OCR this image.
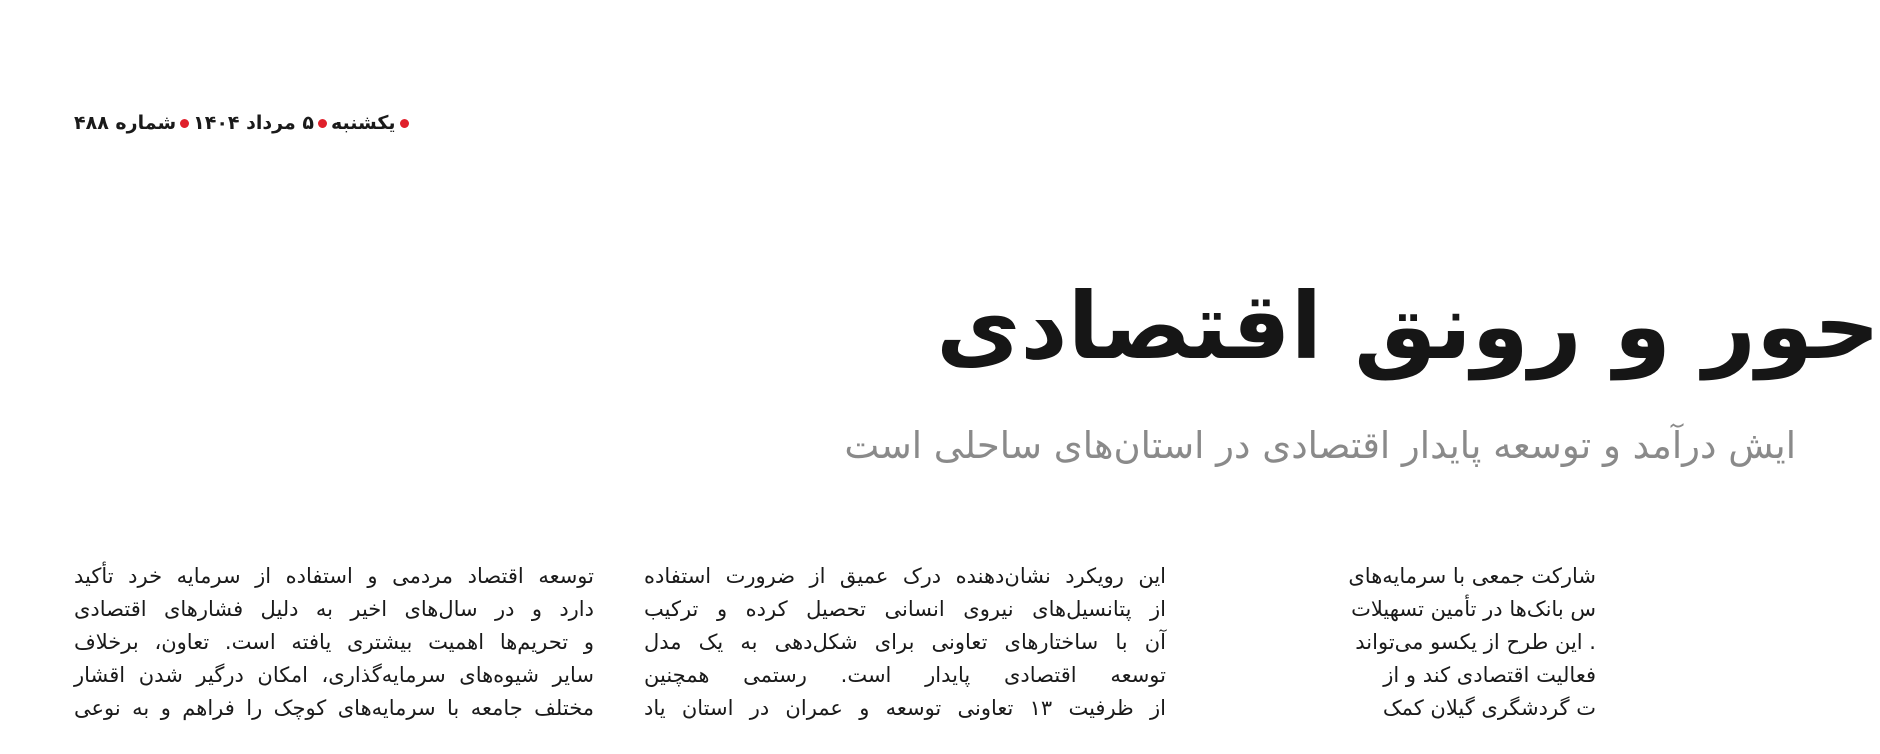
یکشنبه
۵ مرداد ۱۴۰۴
شماره ۴۸۸
حور و رونق اقتصادی
ایش درآمد و توسعه پایدار اقتصادی در استان‌های ساحلی است
توسعه اقتصاد مردمی و استفاده از سرمایه خرد تأکید
دارد و در سال‌های اخیر به دلیل فشارهای اقتصادی
و تحریم‌ها اهمیت بیشتری یافته است. تعاون، برخلاف
سایر شیوه‌های سرمایه‌گذاری، امکان درگیر شدن اقشار
مختلف جامعه با سرمایه‌های کوچک را فراهم و به نوعی
این رویکرد نشان‌دهنده درک عمیق از ضرورت استفاده
از پتانسیل‌های نیروی انسانی تحصیل کرده و ترکیب
آن با ساختارهای تعاونی برای شکل‌دهی به یک مدل
توسعه اقتصادی پایدار است. رستمی همچنین
از ظرفیت ۱۳ تعاونی توسعه و عمران در استان یاد
شارکت جمعی با سرمایه‌های
س بانک‌ها در تأمین تسهیلات
. این طرح از یکسو می‌تواند
فعالیت اقتصادی کند و از
ت گردشگری گیلان کمک
